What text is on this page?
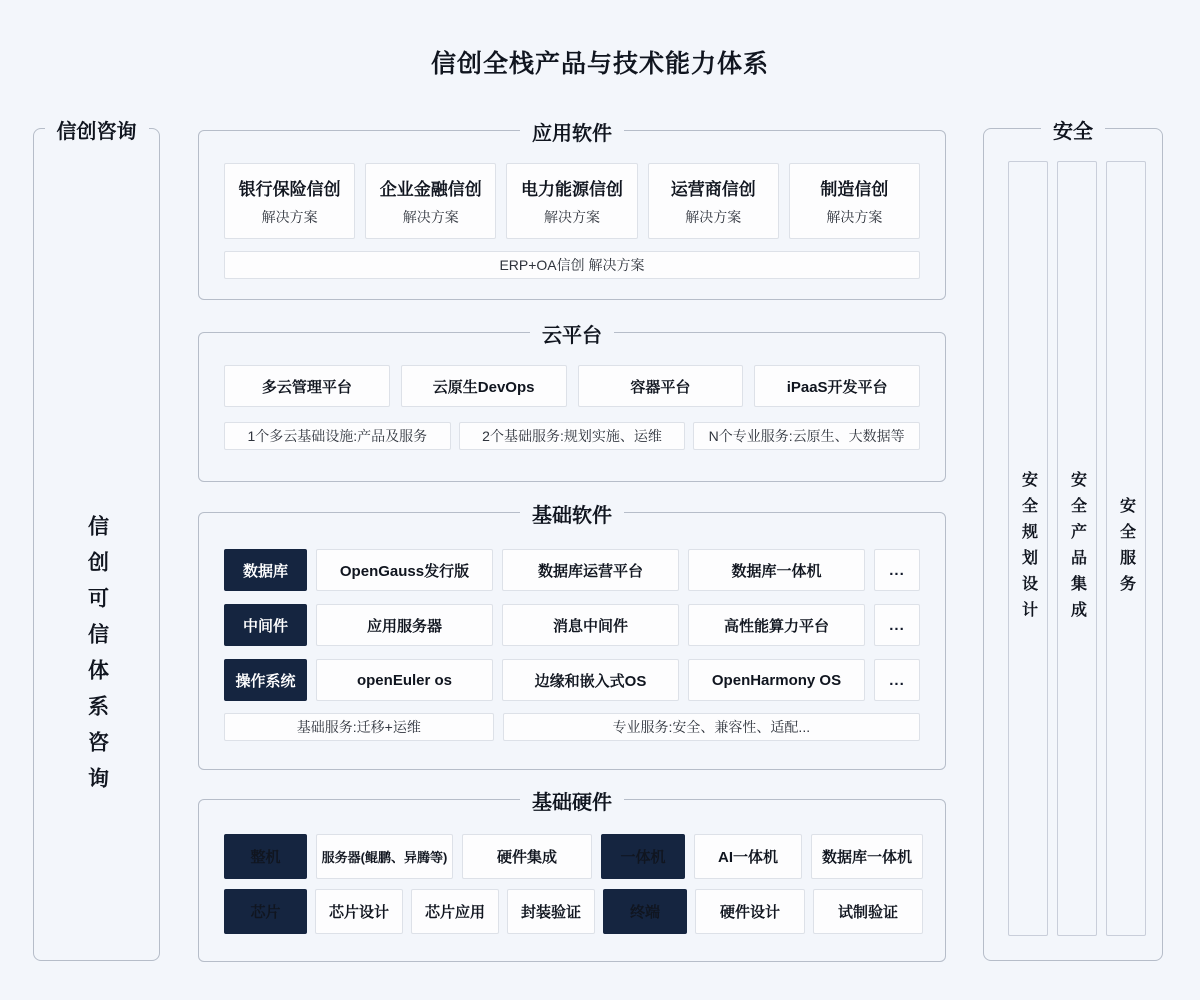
信创全栈产品与技术能力体系
信创咨询
信创可信体系咨询
安全
安全规划设计 安全产品集成 安全服务
应用软件
银行保险信创
解决方案
企业金融信创
解决方案
电力能源信创
解决方案
运营商信创
解决方案
制造信创
解决方案
ERP+OA信创 解决方案
云平台
多云管理平台	云原生DevOps	容器平台	iPaaS开发平台
1个多云基础设施:产品及服务	2个基础服务:规划实施、运维	N个专业服务:云原生、大数据等
基础软件
数据库	OpenGauss发行版	数据库运营平台	数据库一体机	...
中间件	应用服务器	消息中间件	高性能算力平台	...
操作系统	openEuler os	边缘和嵌入式OS	OpenHarmony OS	...
基础服务:迁移+运维	专业服务:安全、兼容性、适配...
基础硬件
整机	服务器(鲲鹏、异腾等)	硬件集成	一体机	AI一体机	数据库一体机
芯片	芯片设计	芯片应用	封装验证	终端	硬件设计	试制验证
